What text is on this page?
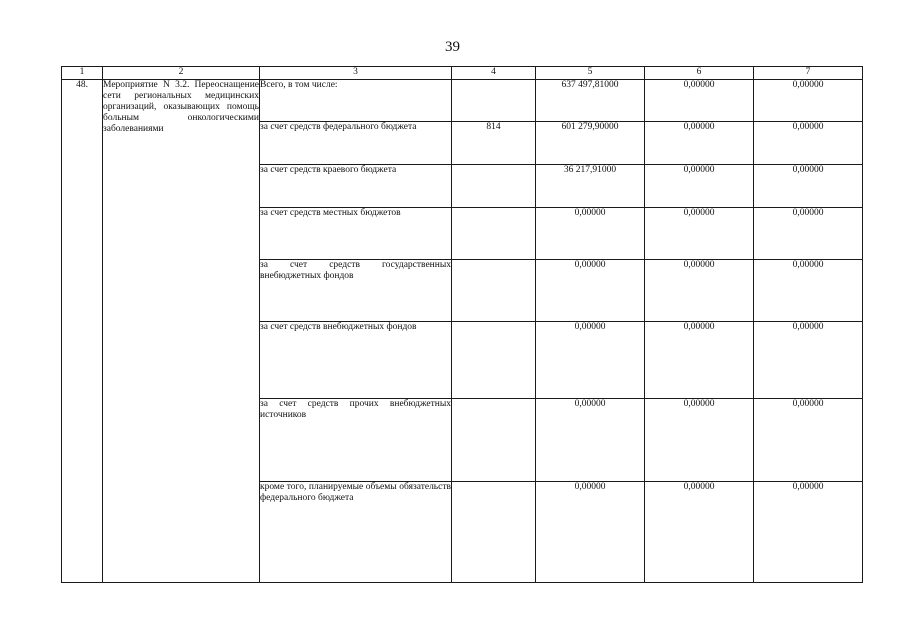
39
1	2	3	4	5	6	7
48.	Мероприятие N 3.2. Переоснащение сети региональных медицинских организаций, оказывающих помощь больным онкологическими заболеваниями	Всего, в том числе:		637 497,81000	0,00000	0,00000

		за счет средств федерального бюджета	814	601 279,90000	0,00000	0,00000

		за счет средств краевого бюджета		36 217,91000	0,00000	0,00000

		за счет средств местных бюджетов		0,00000	0,00000	0,00000

		за счет средств государственных внебюджетных фондов		0,00000	0,00000	0,00000

		за счет средств внебюджетных фондов		0,00000	0,00000	0,00000

		за счет средств прочих внебюджетных источников		0,00000	0,00000	0,00000

		кроме того, планируемые объемы обязательств федерального бюджета		0,00000	0,00000	0,00000
